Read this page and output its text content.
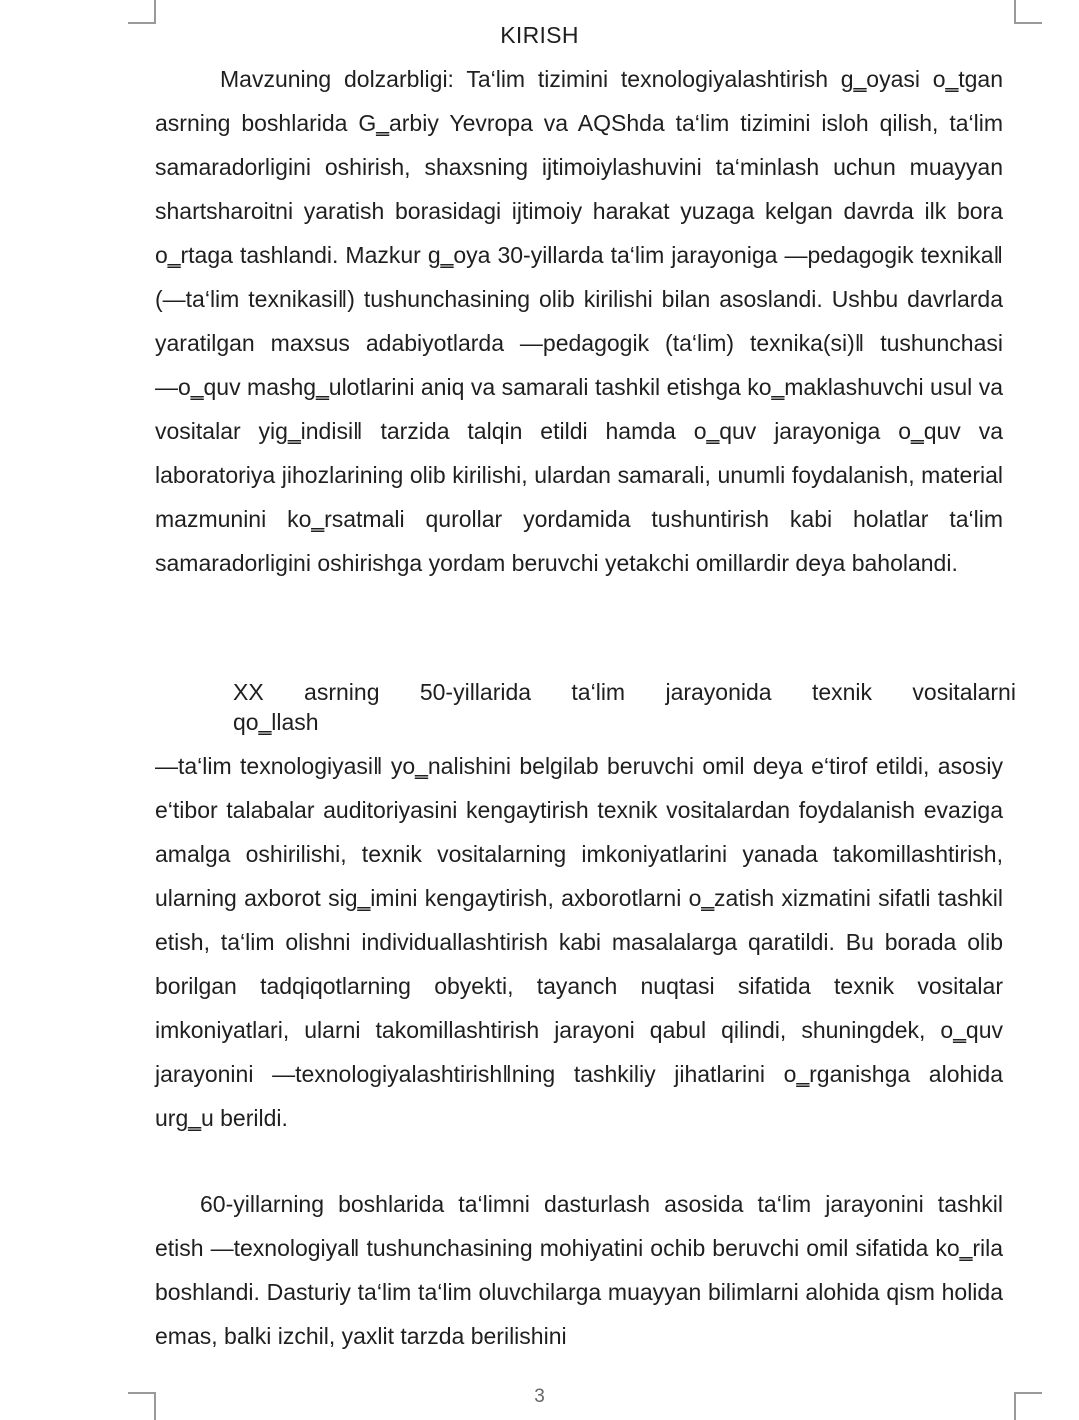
KIRISH
Mavzuning dolzarbligi: Ta‘lim tizimini texnologiyalashtirish g‗oyasi o‗tgan asrning boshlarida G‗arbiy Yevropa va AQShda ta‘lim tizimini isloh qilish, ta‘lim samaradorligini oshirish, shaxsning ijtimoiylashuvini ta‘minlash uchun muayyan shartsharoitni yaratish borasidagi ijtimoiy harakat yuzaga kelgan davrda ilk bora o‗rtaga tashlandi. Mazkur g‗oya 30-yillarda ta‘lim jarayoniga ―pedagogik texnika‖ (―ta‘lim texnikasi‖) tushunchasining olib kirilishi bilan asoslandi. Ushbu davrlarda yaratilgan maxsus adabiyotlarda ―pedagogik (ta‘lim) texnika(si)‖ tushunchasi ―o‗quv mashg‗ulotlarini aniq va samarali tashkil etishga ko‗maklashuvchi usul va vositalar yig‗indisi‖ tarzida talqin etildi hamda o‗quv jarayoniga o‗quv va laboratoriya jihozlarining olib kirilishi, ulardan samarali, unumli foydalanish, material mazmunini ko‗rsatmali qurollar yordamida tushuntirish kabi holatlar ta‘lim samaradorligini oshirishga yordam beruvchi yetakchi omillardir deya baholandi.
XX asrning 50-yillarida ta‘lim jarayonida texnik vositalarni
qo‗llash
―ta‘lim texnologiyasi‖ yo‗nalishini belgilab beruvchi omil deya e‘tirof etildi, asosiy e‘tibor talabalar auditoriyasini kengaytirish texnik vositalardan foydalanish evaziga amalga oshirilishi, texnik vositalarning imkoniyatlarini yanada takomillashtirish, ularning axborot sig‗imini kengaytirish, axborotlarni o‗zatish xizmatini sifatli tashkil etish, ta‘lim olishni individuallashtirish kabi masalalarga qaratildi. Bu borada olib borilgan tadqiqotlarning obyekti, tayanch nuqtasi sifatida texnik vositalar imkoniyatlari, ularni takomillashtirish jarayoni qabul qilindi, shuningdek, o‗quv jarayonini ―texnologiyalashtirish‖ning tashkiliy jihatlarini o‗rganishga alohida urg‗u berildi.
60-yillarning boshlarida ta‘limni dasturlash asosida ta‘lim jarayonini tashkil etish ―texnologiya‖ tushunchasining mohiyatini ochib beruvchi omil sifatida ko‗rila boshlandi. Dasturiy ta‘lim ta‘lim oluvchilarga muayyan bilimlarni alohida qism holida emas, balki izchil, yaxlit tarzda berilishini
3
